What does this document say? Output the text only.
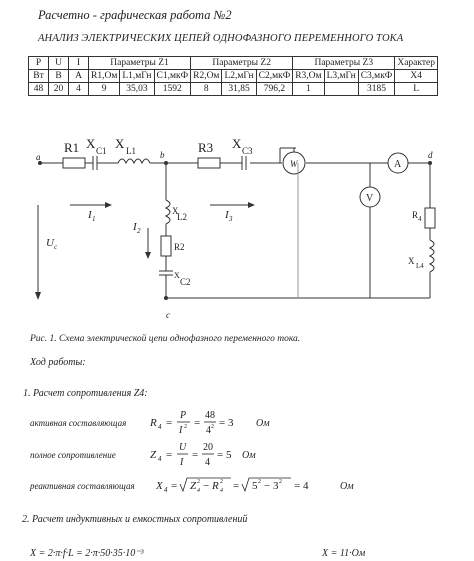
Расчетно - графическая работа №2
АНАЛИЗ ЭЛЕКТРИЧЕСКИХ ЦЕПЕЙ ОДНОФАЗНОГО ПЕРЕМЕННОГО ТОКА
P	U	I	Параметры Z1			Параметры Z2			Параметры Z3			Характер
Вт	В	А	R1,Ом	L1,мГн	C1,мкФ	R2,Ом	L2,мГн	C2,мкФ	R3,Ом	L3,мГн	C3,мкФ	X4
48	20	4	9	35,03	1592	8	31,85	796,2	1		3185	L
a	b
c
d
R1 X C1 X L1	R3 X C3
W	A
V
I 1
I 2
I 3
U c
X
L2
R2
X
C2
R 4
X L4
активная составляющая R 4 =
P
I 2 =
48
4 2 = 3 Ом
полное сопротивление	Z 4 =
U
I
=
20
4
= 5 Ом
реактивная составляющая X 4 = Z 2
4 − R 2
4 = 5 2 − 3 2 = 4	Ом
Рис. 1. Схема электрической цепи однофазного переменного тока.
Ход работы:
1. Расчет сопротивления Z4:
2. Расчет индуктивных и емкостных сопротивлений
Х = 2·π·f·L = 2·π·50·35·10⁻³	X = 11·Ом
